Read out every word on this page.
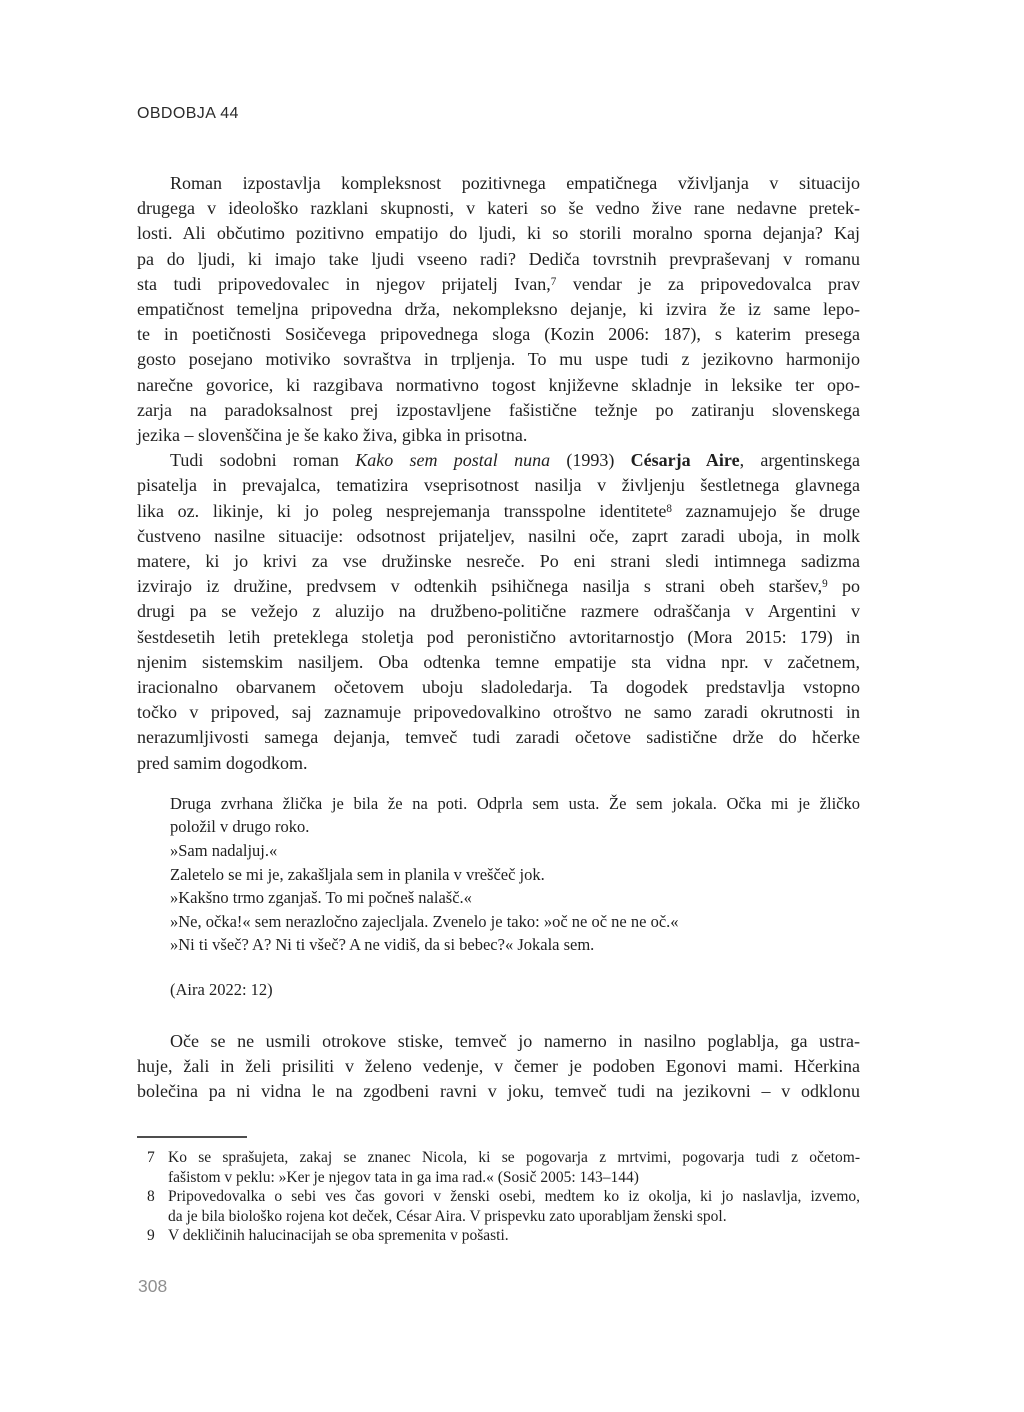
OBDOBJA 44
Roman izpostavlja kompleksnost pozitivnega empatičnega vživljanja v situacijo
drugega v ideološko razklani skupnosti, v kateri so še vedno žive rane nedavne pretek-
losti. Ali občutimo pozitivno empatijo do ljudi, ki so storili moralno sporna dejanja? Kaj
pa do ljudi, ki imajo take ljudi vseeno radi? Dediča tovrstnih prevpraševanj v romanu
sta tudi pripovedovalec in njegov prijatelj Ivan,$^7$ vendar je za pripovedovalca prav
empatičnost temeljna pripovedna drža, nekompleksno dejanje, ki izvira že iz same lepo-
te in poetičnosti Sosičevega pripovednega sloga (Kozin 2006: 187), s katerim presega
gosto posejano motiviko sovraštva in trpljenja. To mu uspe tudi z jezikovno harmonijo
narečne govorice, ki razgibava normativno togost književne skladnje in leksike ter opo-
zarja na paradoksalnost prej izpostavljene fašistične težnje po zatiranju slovenskega
jezika – slovenščina je še kako živa, gibka in prisotna.
Tudi sodobni roman Kako sem postal nuna (1993) Césarja Aire, argentinskega
pisatelja in prevajalca, tematizira vseprisotnost nasilja v življenju šestletnega glavnega
lika oz. likinje, ki jo poleg nesprejemanja transspolne identitete$^8$ zaznamujejo še druge
čustveno nasilne situacije: odsotnost prijateljev, nasilni oče, zaprt zaradi uboja, in molk
matere, ki jo krivi za vse družinske nesreče. Po eni strani sledi intimnega sadizma
izvirajo iz družine, predvsem v odtenkih psihičnega nasilja s strani obeh staršev,$^9$ po
drugi pa se vežejo z aluzijo na družbeno-politične razmere odraščanja v Argentini v
šestdesetih letih preteklega stoletja pod peronistično avtoritarnostjo (Mora 2015: 179) in
njenim sistemskim nasiljem. Oba odtenka temne empatije sta vidna npr. v začetnem,
iracionalno obarvanem očetovem uboju sladoledarja. Ta dogodek predstavlja vstopno
točko v pripoved, saj zaznamuje pripovedovalkino otroštvo ne samo zaradi okrutnosti in
nerazumljivosti samega dejanja, temveč tudi zaradi očetove sadistične drže do hčerke
pred samim dogodkom.
Druga zvrhana žlička je bila že na poti. Odprla sem usta. Že sem jokala. Očka mi je žličko
položil v drugo roko.
»Sam nadaljuj.«
Zaletelo se mi je, zakašljala sem in planila v vreščeč jok.
»Kakšno trmo zganjaš. To mi počneš nalašč.«
»Ne, očka!« sem nerazločno zajecljala. Zvenelo je tako: »oč ne oč ne ne oč.«
»Ni ti všeč? A? Ni ti všeč? A ne vidiš, da si bebec?« Jokala sem.
(Aira 2022: 12)
Oče se ne usmili otrokove stiske, temveč jo namerno in nasilno poglablja, ga ustra-
huje, žali in želi prisiliti v želeno vedenje, v čemer je podoben Egonovi mami. Hčerkina
bolečina pa ni vidna le na zgodbeni ravni v joku, temveč tudi na jezikovni – v odklonu
7 Ko se sprašujeta, zakaj se znanec Nicola, ki se pogovarja z mrtvimi, pogovarja tudi z očetom-
fašistom v peklu: »Ker je njegov tata in ga ima rad.« (Sosič 2005: 143–144)
8 Pripovedovalka o sebi ves čas govori v ženski osebi, medtem ko iz okolja, ki jo naslavlja, izvemo,
da je bila biološko rojena kot deček, César Aira. V prispevku zato uporabljam ženski spol.
9 V dekličinih halucinacijah se oba spremenita v pošasti.
308
